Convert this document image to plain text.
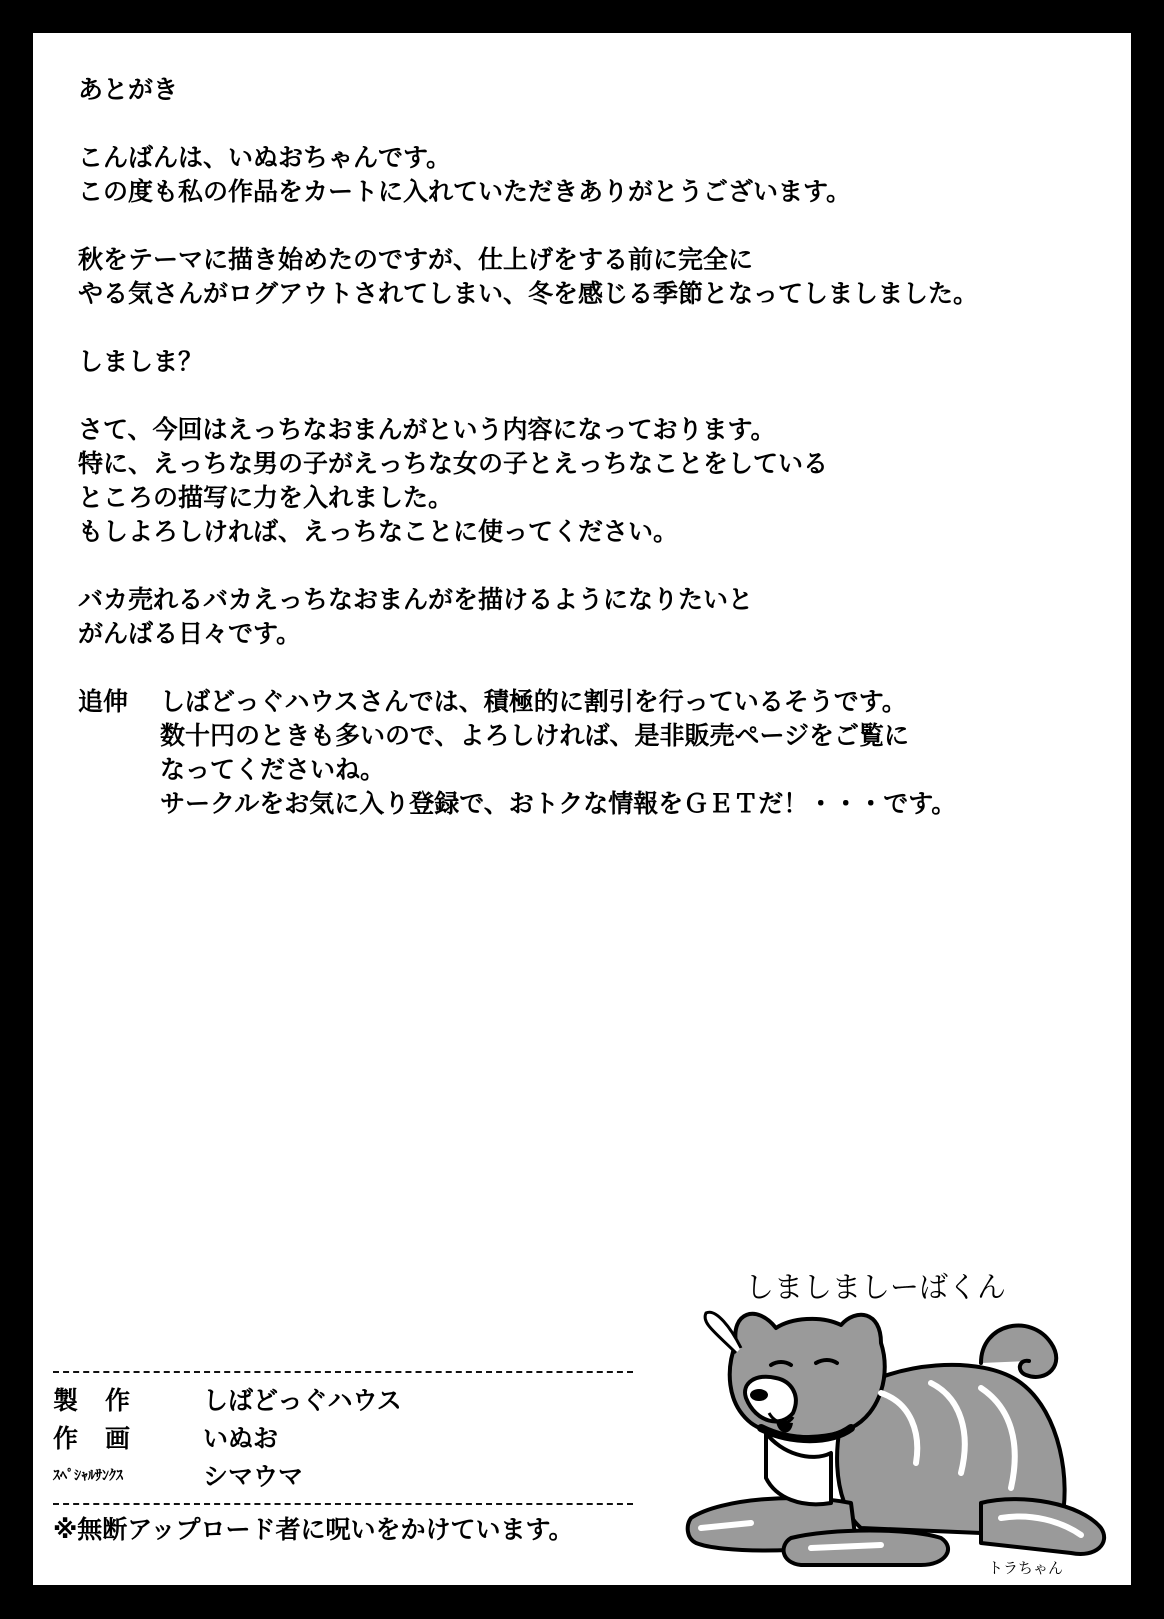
あとがき
こんばんは、いぬおちゃんです。
この度も私の作品をカートに入れていただきありがとうございます。
秋をテーマに描き始めたのですが、仕上げをする前に完全に
やる気さんがログアウトされてしまい、冬を感じる季節となってしましました。
しましま？
さて、今回はえっちなおまんがという内容になっております。
特に、えっちな男の子がえっちな女の子とえっちなことをしている
ところの描写に力を入れました。
もしよろしければ、えっちなことに使ってください。
バカ売れるバカえっちなおまんがを描けるようになりたいと
がんばる日々です。
追伸	しばどっぐハウスさんでは、積極的に割引を行っているそうです。
数十円のときも多いので、よろしければ、是非販売ページをご覧に
なってくださいね。
サークルをお気に入り登録で、おトクな情報をＧＥＴだ！・・・です。
製　作	しばどっぐハウス
作　画	いぬお
ｽﾍﾟｼｬﾙｻﾝｸｽ	シマウマ
※無断アップロード者に呪いをかけています。
しましましーばくん
トラちゃん
